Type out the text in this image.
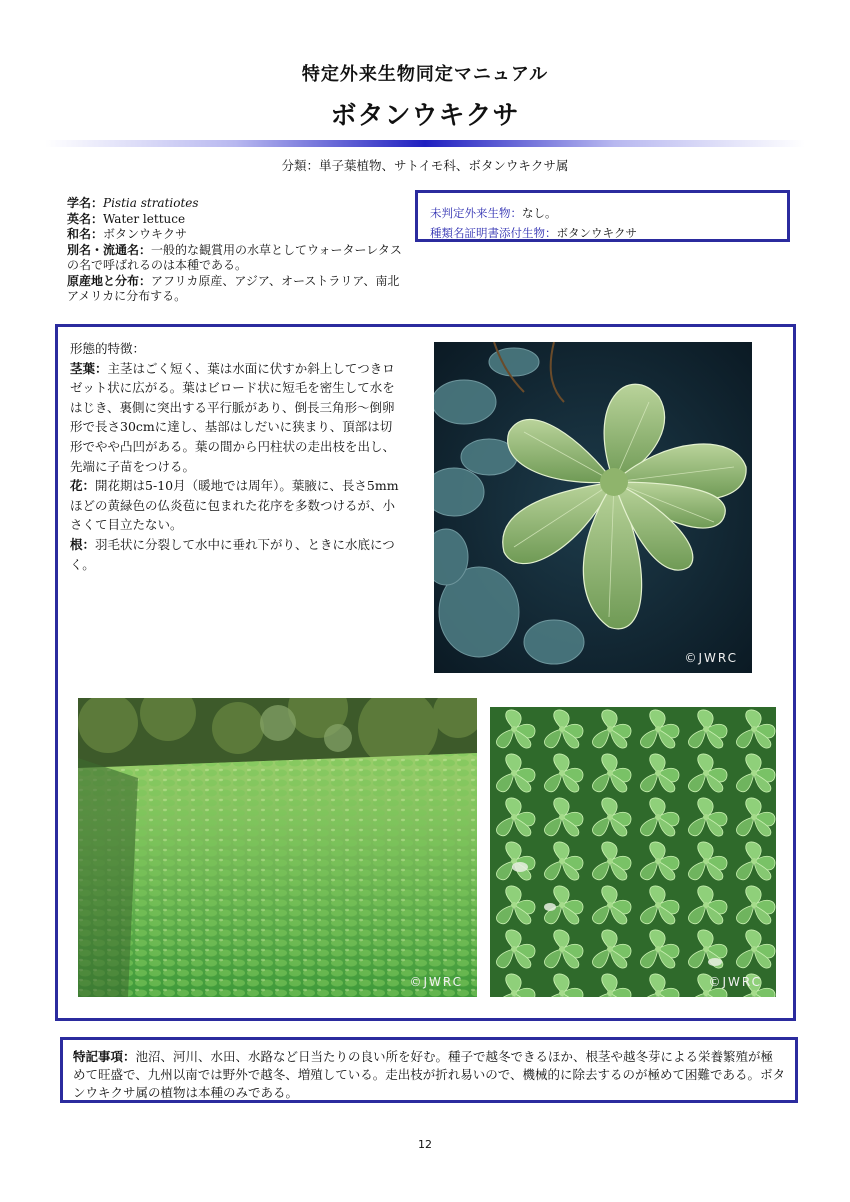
特定外来生物同定マニュアル
ボタンウキクサ
分類：単子葉植物、サトイモ科、ボタンウキクサ属
学名：Pistia stratiotes
英名：Water lettuce
和名：ボタンウキクサ
別名・流通名：一般的な観賞用の水草としてウォーターレタスの名で呼ばれるのは本種である。
原産地と分布：アフリカ原産、アジア、オーストラリア、南北アメリカに分布する。
未判定外来生物：なし。
種類名証明書添付生物：ボタンウキクサ

形態的特徴：

茎葉：主茎はごく短く、葉は水面に伏すか斜上してつきロゼット状に広がる。葉はビロード状に短毛を密生して水をはじき、裏側に突出する平行脈があり、倒長三角形～倒卵形で長さ30cmに達し、基部はしだいに狭まり、頂部は切形でやや凸凹がある。葉の間から円柱状の走出枝を出し、先端に子苗をつける。

花：開花期は5-10月（暖地では周年）。葉腋に、長さ5mmほどの黄緑色の仏炎苞に包まれた花序を多数つけるが、小さくて目立たない。

根：羽毛状に分裂して水中に垂れ下がり、ときに水底につく。

©JWRC
©JWRC	©JWRC
特記事項：池沼、河川、水田、水路など日当たりの良い所を好む。種子で越冬できるほか、根茎や越冬芽による栄養繁殖が極めて旺盛で、九州以南では野外で越冬、増殖している。走出枝が折れ易いので、機械的に除去するのが極めて困難である。ボタンウキクサ属の植物は本種のみである。
12
